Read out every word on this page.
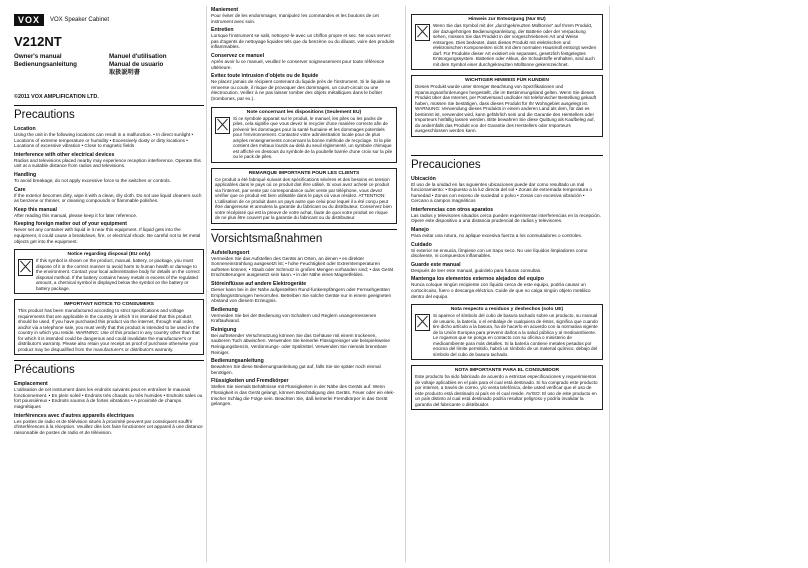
VOX	VOX Speaker Cabinet
V212NT
Owner's manual	Manuel d'utilisation
Bedienungsanleitung	Manual de usuario
取扱説明書
©2011 VOX AMPLIFICATION LTD.
Precautions
Location
Using the unit in the following locations can result in a malfunction. • In direct sunlight • Locations of extreme temperature or humidity • Excessively dusty or dirty locations • Locations of excessive vibration • Close to magnetic fields
Interference with other electrical devices
Radios and televisions placed nearby may experience reception interference. Operate this unit at a suitable distance from radios and televisions.
Handling
To avoid breakage, do not apply excessive force to the switches or controls.
Care
If the exterior becomes dirty, wipe it with a clean, dry cloth. Do not use liquid cleaners such as benzene or thinner, or cleaning compounds or flammable polishes.
Keep this manual
After reading this manual, please keep it for later reference.
Keeping foreign matter out of your equipment
Never set any container with liquid in it near this equipment. If liquid gets into the equipment, it could cause a breakdown, fire, or electrical shock. Be careful not to let metal objects get into the equipment.
Notice regarding disposal (EU only)
If this symbol is shown on the product, manual, battery, or package, you must dispose of it in the correct manner to avoid harm to human health or damage to the environment. Contact your local administrative body for details on the correct disposal method. If the battery contains heavy metals in excess of the regulated amount, a chemical symbol is displayed below the symbol on the battery or battery package.
IMPORTANT NOTICE TO CONSUMERS
This product has been manufactured according to strict specifications and voltage requirements that are applicable in the country in which it is intended that this product should be used. If you have purchased this product via the internet, through mail order, and/or via a telephone sale, you must verify that this product is intended to be used in the country in which you reside. WARNING: Use of this product in any country other than that for which it is intended could be dangerous and could invalidate the manufacturer's or distributor's warranty. Please also retain your receipt as proof of purchase otherwise your product may be disqualified from the manufacturer's or distributor's warranty.
Précautions
Emplacement
L'utilisation de cet instrument dans les endroits suivants peut en entraîner le mauvais fonctionnement. • En plein soleil • Endroits très chauds ou très humides • Endroits sales ou fort poussiéreux • Endroits soumis à de fortes vibrations • A proximité de champs magnétiques
Interférences avec d'autres appareils électriques
Les postes de radio et de télévision situés à proximité peuvent par conséquent souffrir d'interférences à la réception. Veuillez dès lors faire fonctionner cet appareil à une distance raisonnable de postes de radio et de télévision.
Maniement
Pour éviter de les endommager, manipulez les commandes et les boutons de cet instrument avec soin.
Entretien
Lorsque l'instrument se salit, nettoyez-le avec un chiffon propre et sec. Ne vous servez pas d'agents de nettoyage liquides tels que du benzène ou du diluant, voire des produits inflammables.
Conservez ce manuel
Après avoir lu ce manuel, veuillez le conserver soigneusement pour toute référence ultérieure.
Evitez toute intrusion d'objets ou de liquide
Ne placez jamais de récipient contenant du liquide près de l'instrument. Si le liquide se renverse ou coule, il risque de provoquer des dommages, un court-circuit ou une électrocution. Veillez à ne pas laisser tomber des objets métalliques dans le boîtier (trombones, par ex.).
Note concernant les dispositions (Seulement EU)
Si ce symbole apparait sur le produit, le manuel, les piles ou les packs de piles, cela signifie que vous devez le recycler d'une manière correcte afin de prévenir les dommages pour la santé humaine et les dommages potentiels pour l'environnement. Contactez votre administration locale pour de plus amples renseignements concernant la bonne méthode de recyclage. Si la pile contient des métaux lourds au-delà du seuil réglementé, un symbole chimique est affiché en dessous du symbole de la poubelle barrée d'une croix sur la pile ou le pack de piles.
REMARQUE IMPORTANTE POUR LES CLIENTS
Ce produit a été fabriqué suivant des spécifications sévères et des besoins en tension applicables dans le pays où ce produit doit être utilisé. Si vous avez acheté ce produit via l'internet, par vente par correspondance ou/et vente par téléphone, vous devez vérifier que ce produit est bien utilisable dans le pays où vous résidez. ATTENTION: L'utilisation de ce produit dans un pays autre que celui pour lequel il a été conçu peut être dangereuse et annulera la garantie du fabricant ou du distributeur. Conservez bien votre récépissé qui est la preuve de votre achat, faute de quoi votre produit ne risque de ne plus être couvert par la garantie du fabricant ou du distributeur.
Vorsichtsmaßnahmen
Aufstellungsort
Vermeiden Sie das Aufstellen des Geräts an Orten, an denen • es direkter Sonneneinstrahlung ausgesetzt ist; • hohe Feuchtigkeit oder Extremtemperaturen auftreten können; • Staub oder Schmutz in großen Mengen vorhanden sind; • das Gerät Erschütterungen ausgesetzt sein kann. • in der Nähe eines Magnetfeldes.
Störeinflüsse auf andere Elektrogeräte
Dieser kann bei in der Nähe aufgestellten Rund-funkempfängern oder Fernsehgeräten Empfangsstörungen hervorrufen. Betreiben Sie solche Geräte nur in einem geeigneten Abstand von diesem Erzeugnis.
Bedienung
Vermeiden Sie bei der Bedienung von Schaltern und Reglern unangemessenen Kraftaufwand.
Reinigung
Bei auftretender Verschmutzung können Sie das Gehäuse mit einem trockenen, sauberen Tuch abwischen. Verwenden Sie keinerlei Flüssigreiniger wie beispielsweise Reinigungsbenzin, Verdünnungs- oder Spülmittel. Verwenden Sie niemals brennbare Reiniger.
Bedienungsanleitung
Bewahren Sie diese Bedienungsanleitung gut auf, falls Sie sie später noch einmal benötigen.
Flüssigkeiten und Fremdkörper
Stellen Sie niemals Behältnisse mit Flüssigkeiten in der Nähe des Geräts auf. Wenn Flüssigkeit in das Gerät gelangt, können Beschädigung des Geräts, Feuer oder ein elek-trischer Schlag die Folge sein. Beachten Sie, daß keinerlei Fremdkörper in das Gerät gelangen.
Hinweis zur Entsorgung (Nur EU)
Wenn Sie das Symbol mit der „durchgekreuzten Mülltonne“ auf Ihrem Produkt, der dazugehörigen Bedienungsanleitung, der Batterie oder der Verpackung sehen, müssen Sie das Produkt in der vorgeschriebenen Art und Weise entsorgen. Dies bedeutet, dass dieses Produkt mit elektrischen und elektronischen Komponenten nicht mit dem normalen Hausmüll entsorgt werden darf. Für Produkte dieser Art existiert ein separates, gesetzlich festgelegtes Entsorgungssystem. Batterien oder Akkus, die Schadstoffe enthalten, sind auch mit dem Symbol einer durchgekreuzten Mülltonne gekennzeichnet.
WICHTIGER HINWEIS FÜR KUNDEN
Dieses Produkt wurde unter strenger Beachtung von Spezifikationen und Spannungsanforderungen hergestellt, die im Bestimmungsland gelten. Wenn Sie dieses Produkt über das Internet, per Postversand und/oder mit telefonischer Bestellung gekauft haben, müssen Sie bestätigen, dass dieses Produkt für Ihr Wohngebiet ausgelegt ist. WARNUNG: Verwendung dieses Produkts in einem anderen Land als dem, für das es bestimmt ist, verwendet wird, kann gefährlich sein und die Garantie des Herstellers oder Importeurs hinfällig lassen werden. Bitte bewahren Sie diese Quittung als Kaufbeleg auf, da andernfalls das Produkt von der Garantie des Herstellers oder Importeurs ausgeschlossen werden kann.
Precauciones
Ubicación
El uso de la unidad en las siguientes ubicaciones puede dar como resultado un mal funcionamiento: • Expuesto a la luz directa del sol • Zonas de extremada temperatura o humedad • Zonas con exceso de suciedad o polvo • Zonas con excesiva vibración • Cercano a campos magnéticos
Interferencias con otros aparatos
Las radios y televisores situados cerca pueden experimentar interferencias en la recepción. Opere este dispositivo a una distancia prudencial de radios y televisores.
Manejo
Para evitar una rotura, no aplique excesiva fuerza a los conmutadores o controles.
Cuidado
Si exterior se ensucia, límpiese con un trapo seco. No use líquidos limpiadores como disolvente, ni compuestos inflamables.
Guarde este manual
Después de leer este manual, guárdelo para futuras consultas.
Mantenga los elementos externos alejados del equipo
Nunca coloque ningún recipiente con líquido cerca de este equipo, podría causar un cortocircuito, fuero o descarga eléctrica. Cuide de que no caiga ningún objeto metálico dentro del equipo.
Nota respecto a residuos y deshechos (solo UE)
Si aparece el símbolo del cubo de basura tachado sobre un producto, su manual de usuario, la batería, o el embalaje de cualquiera de éstos, significa que cuando tire dicho artículo a la basura, ha de hacerlo en acuerdo con la normativa vigente de la Unión Europea para prevenir daños a la salud pública y al medioambiente. Le rogamos que se ponga en contacto con su oficina o ministerio de medioambiente para más detalles. Si la batería contiene metales pesados por encima del límite permitido, habrá un símbolo de un material químico, debajo del símbolo del cubo de basura tachado.
NOTA IMPORTANTE PARA EL CONSUMIDOR
Este producto ha sido fabricado de acuerdo a estrictas especificaciones y requerimientos de voltaje aplicables en el país para el cual está destinado. Si ha comprado este producto por internet, a través de correo, y/o venta telefónica, debe usted verificar que el uso de este producto está destinado al país en el cual reside. AVISO: El uso de este producto en un país distinto al cual está destinado podría resultar peligroso y podría invalidar la garantía del fabricante o distribuidor.
